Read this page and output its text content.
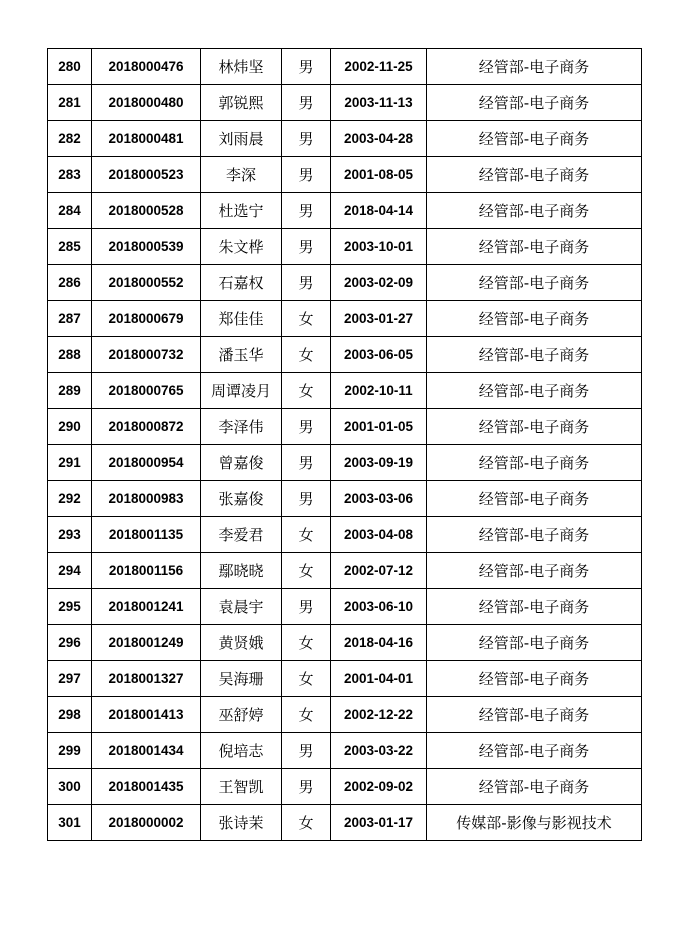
280	2018000476	林炜坚	男	2002-11-25	经管部-电子商务
281	2018000480	郭锐熙	男	2003-11-13	经管部-电子商务
282	2018000481	刘雨晨	男	2003-04-28	经管部-电子商务
283	2018000523	李深	男	2001-08-05	经管部-电子商务
284	2018000528	杜选宁	男	2018-04-14	经管部-电子商务
285	2018000539	朱文桦	男	2003-10-01	经管部-电子商务
286	2018000552	石嘉权	男	2003-02-09	经管部-电子商务
287	2018000679	郑佳佳	女	2003-01-27	经管部-电子商务
288	2018000732	潘玉华	女	2003-06-05	经管部-电子商务
289	2018000765	周谭凌月	女	2002-10-11	经管部-电子商务
290	2018000872	李泽伟	男	2001-01-05	经管部-电子商务
291	2018000954	曾嘉俊	男	2003-09-19	经管部-电子商务
292	2018000983	张嘉俊	男	2003-03-06	经管部-电子商务
293	2018001135	李爱君	女	2003-04-08	经管部-电子商务
294	2018001156	鄢晓晓	女	2002-07-12	经管部-电子商务
295	2018001241	袁晨宇	男	2003-06-10	经管部-电子商务
296	2018001249	黄贤娥	女	2018-04-16	经管部-电子商务
297	2018001327	吴海珊	女	2001-04-01	经管部-电子商务
298	2018001413	巫舒婷	女	2002-12-22	经管部-电子商务
299	2018001434	倪培志	男	2003-03-22	经管部-电子商务
300	2018001435	王智凯	男	2002-09-02	经管部-电子商务
301	2018000002	张诗茉	女	2003-01-17	传媒部-影像与影视技术
